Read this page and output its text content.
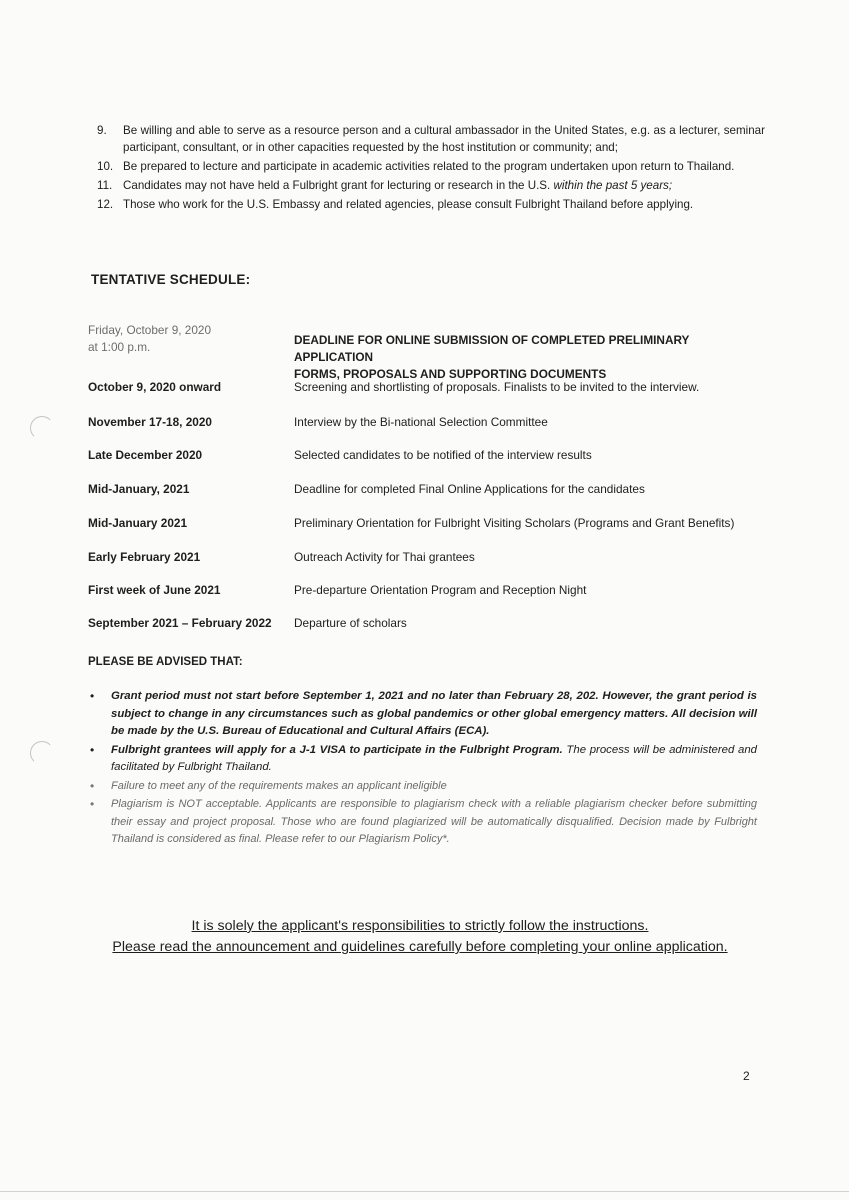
9.	Be willing and able to serve as a resource person and a cultural ambassador in the United States, e.g. as a lecturer, seminar participant, consultant, or in other capacities requested by the host institution or community; and;
10. Be prepared to lecture and participate in academic activities related to the program undertaken upon return to Thailand.
11. Candidates may not have held a Fulbright grant for lecturing or research in the U.S. within the past 5 years;
12. Those who work for the U.S. Embassy and related agencies, please consult Fulbright Thailand before applying.
TENTATIVE SCHEDULE:
Friday, October 9, 2020
at 1:00 p.m.	DEADLINE FOR ONLINE SUBMISSION OF COMPLETED PRELIMINARY APPLICATION
FORMS, PROPOSALS AND SUPPORTING DOCUMENTS
October 9, 2020 onward	Screening and shortlisting of proposals. Finalists to be invited to the interview.
November 17-18, 2020	Interview by the Bi-national Selection Committee
Late December 2020	Selected candidates to be notified of the interview results
Mid-January, 2021	Deadline for completed Final Online Applications for the candidates
Mid-January 2021	Preliminary Orientation for Fulbright Visiting Scholars (Programs and Grant Benefits)
Early February 2021	Outreach Activity for Thai grantees
First week of June 2021	Pre-departure Orientation Program and Reception Night
September 2021 – February 2022	Departure of scholars
PLEASE BE ADVISED THAT:
•	Grant period must not start before September 1, 2021 and no later than February 28, 202. However, the grant period is subject to change in any circumstances such as global pandemics or other global emergency matters. All decision will be made by the U.S. Bureau of Educational and Cultural Affairs (ECA).
•	Fulbright grantees will apply for a J-1 VISA to participate in the Fulbright Program. The process will be administered and facilitated by Fulbright Thailand.
•	Failure to meet any of the requirements makes an applicant ineligible
•	Plagiarism is NOT acceptable. Applicants are responsible to plagiarism check with a reliable plagiarism checker before submitting their essay and project proposal. Those who are found plagiarized will be automatically disqualified. Decision made by Fulbright Thailand is considered as final. Please refer to our Plagiarism Policy*.
It is solely the applicant's responsibilities to strictly follow the instructions.
Please read the announcement and guidelines carefully before completing your online application.
2
